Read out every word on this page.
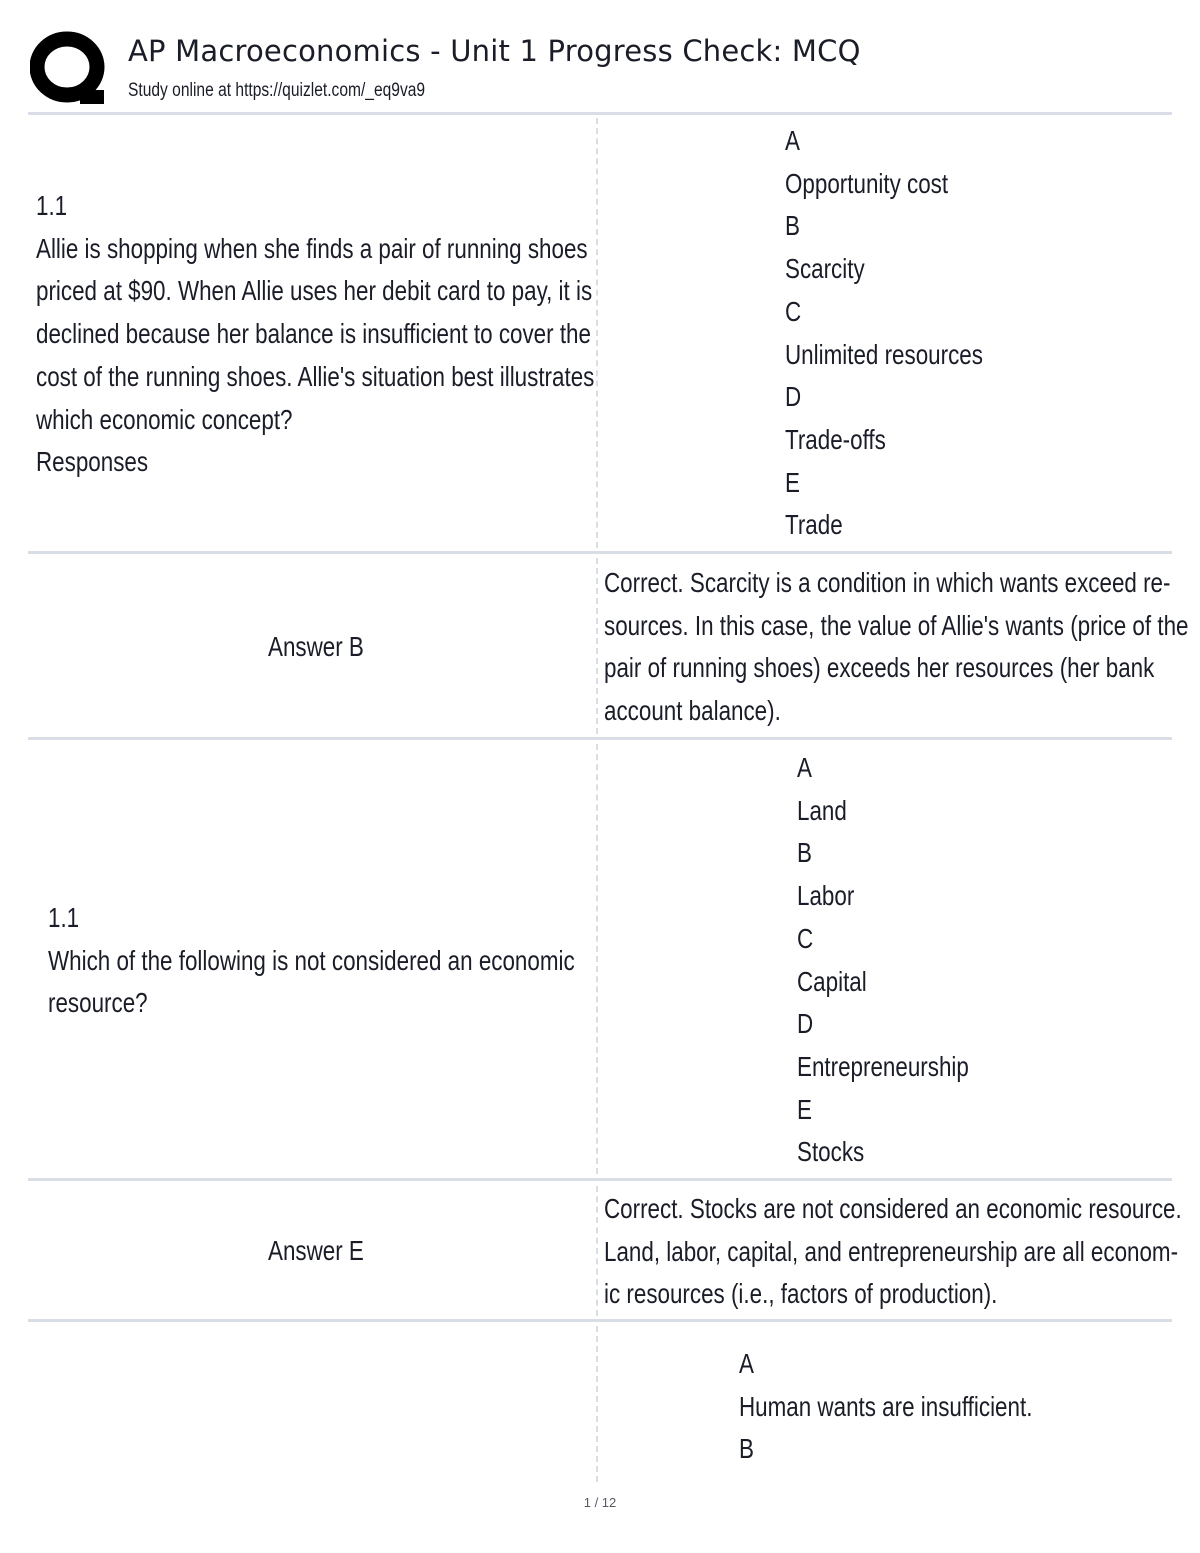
AP Macroeconomics - Unit 1 Progress Check: MCQ
Study online at https://quizlet.com/_eq9va9
1.1
Allie is shopping when she finds a pair of running shoes
priced at $90. When Allie uses her debit card to pay, it is
declined because her balance is insufficient to cover the
cost of the running shoes. Allie's situation best illustrates
which economic concept?
Responses
A
Opportunity cost
B
Scarcity
C
Unlimited resources
D
Trade-offs
E
Trade
Answer B
Correct. Scarcity is a condition in which wants exceed re-
sources. In this case, the value of Allie's wants (price of the
pair of running shoes) exceeds her resources (her bank
account balance).
1.1
Which of the following is not considered an economic
resource?
A
Land
B
Labor
C
Capital
D
Entrepreneurship
E
Stocks
Answer E
Correct. Stocks are not considered an economic resource.
Land, labor, capital, and entrepreneurship are all econom-
ic resources (i.e., factors of production).
A
Human wants are insufficient.
B
1 / 12
